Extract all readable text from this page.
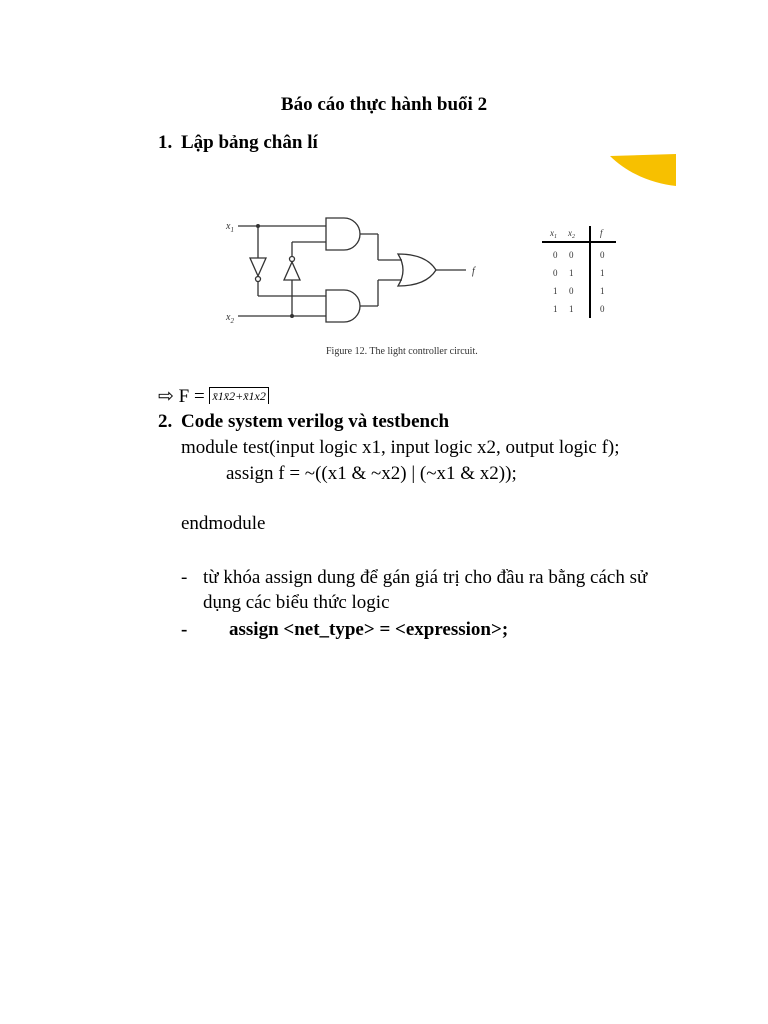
Báo cáo thực hành buổi 2
1. Lập bảng chân lí
$x_1$
$x_2$
f
Figure 12. The light controller circuit.
$x_1$ $x_2$	f
0 0	0
0 1	1
1 0	1
1 1	0
⇨ F = x̄1x̄2+x̄1x2
2. Code system verilog và testbench
module test(input logic x1, input logic x2, output logic f);
assign f = ~((x1 & ~x2) | (~x1 & x2));
endmodule
- từ khóa assign dung để gán giá trị cho đầu ra bằng cách sử
dụng các biểu thức logic
- assign <net_type> = <expression>;
